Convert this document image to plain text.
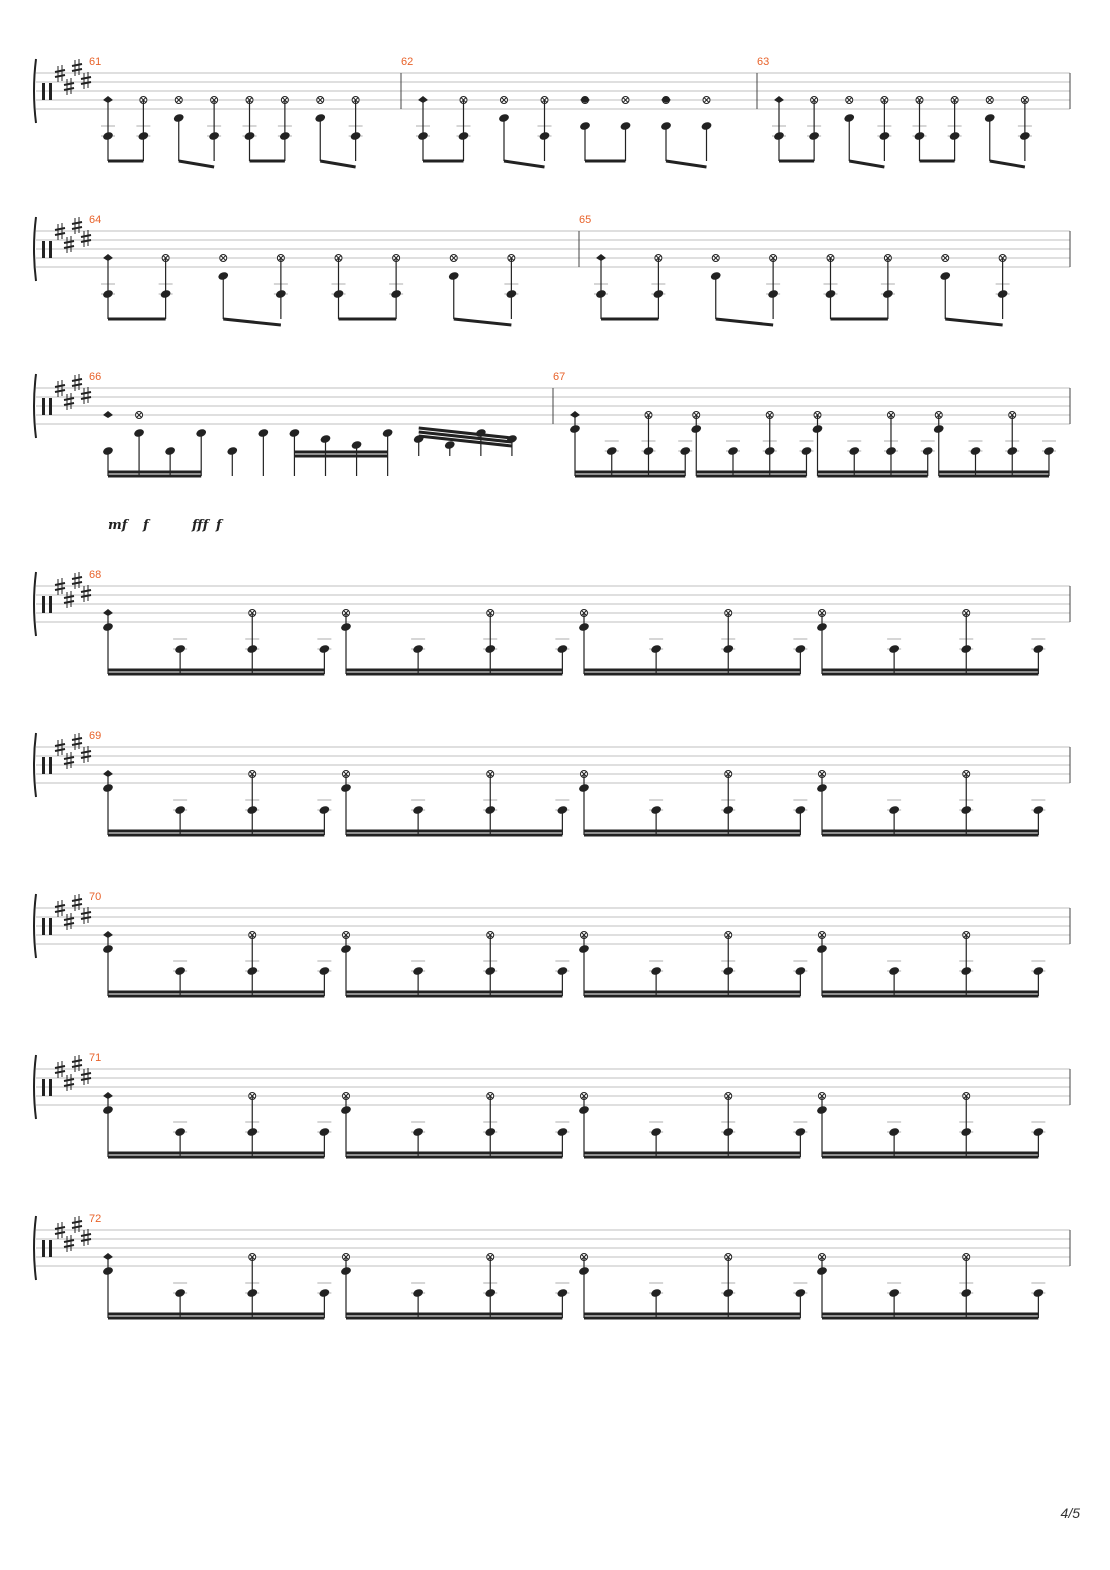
61	62	63
64	65
66	67
68
69
70
71
72
mf f	fff f
4/5
